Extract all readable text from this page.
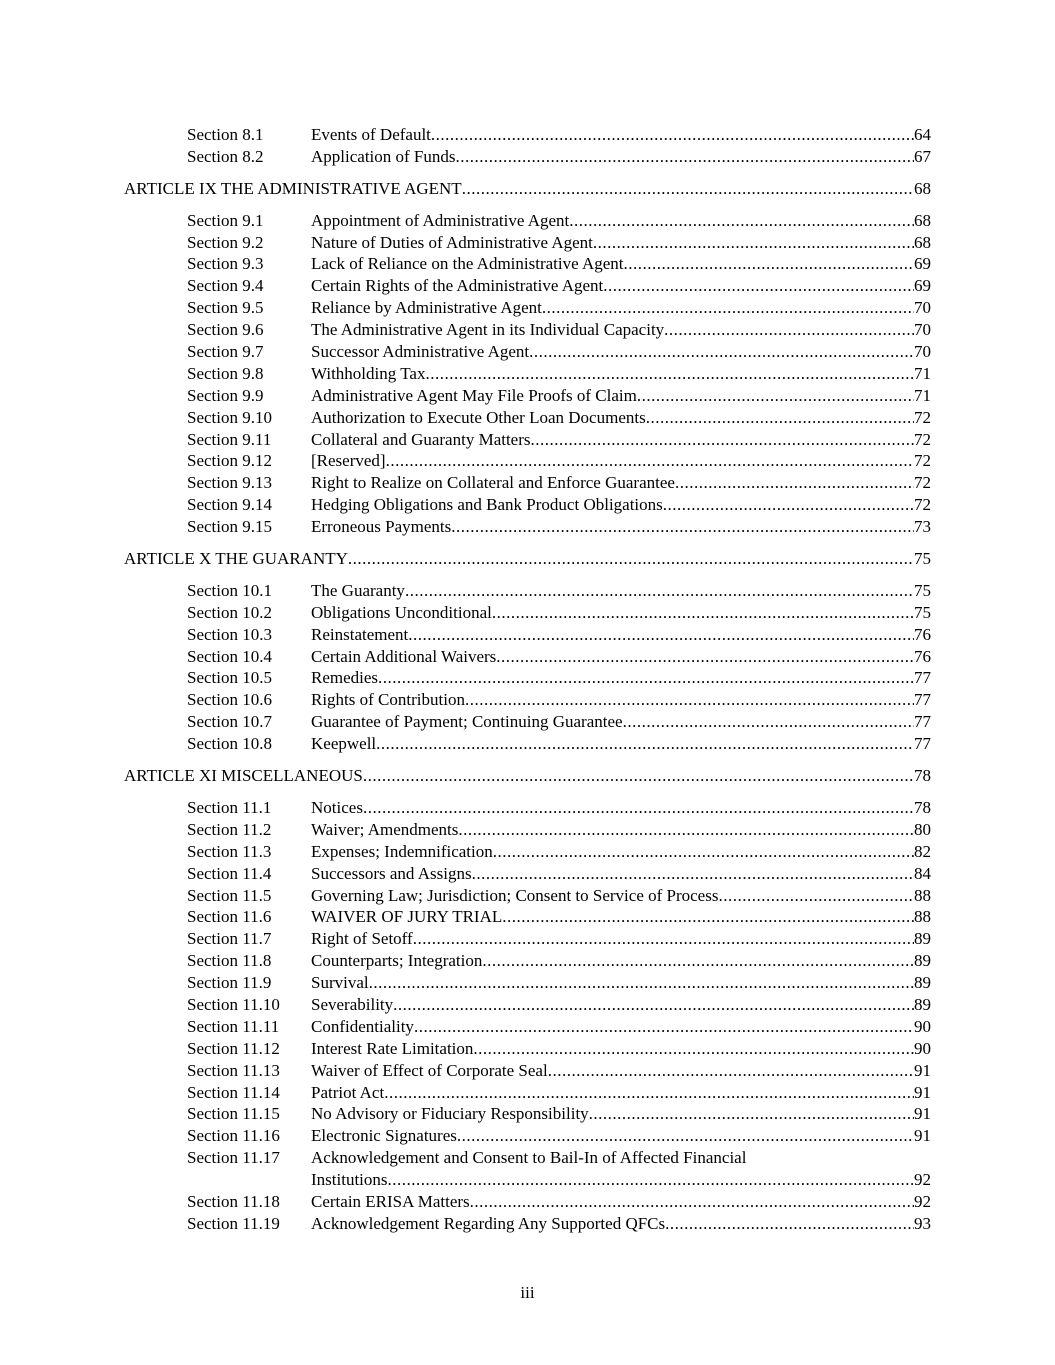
Section 8.1	Events of Default .....	64
Section 8.2	Application of Funds .....	67
ARTICLE IX THE ADMINISTRATIVE AGENT .....	68
Section 9.1	Appointment of Administrative Agent .....	68
Section 9.2	Nature of Duties of Administrative Agent .....	68
Section 9.3	Lack of Reliance on the Administrative Agent .....	69
Section 9.4	Certain Rights of the Administrative Agent .....	69
Section 9.5	Reliance by Administrative Agent .....	70
Section 9.6	The Administrative Agent in its Individual Capacity .....	70
Section 9.7	Successor Administrative Agent .....	70
Section 9.8	Withholding Tax .....	71
Section 9.9	Administrative Agent May File Proofs of Claim .....	71
Section 9.10 Authorization to Execute Other Loan Documents .....	72
Section 9.11 Collateral and Guaranty Matters .....	72
Section 9.12 [Reserved] .....	72
Section 9.13 Right to Realize on Collateral and Enforce Guarantee .....	72
Section 9.14 Hedging Obligations and Bank Product Obligations .....	72
Section 9.15 Erroneous Payments .....	73
ARTICLE X THE GUARANTY .....	75
Section 10.1 The Guaranty .....	75
Section 10.2 Obligations Unconditional .....	75
Section 10.3 Reinstatement .....	76
Section 10.4 Certain Additional Waivers .....	76
Section 10.5 Remedies .....	77
Section 10.6 Rights of Contribution .....	77
Section 10.7 Guarantee of Payment; Continuing Guarantee .....	77
Section 10.8 Keepwell .....	77
ARTICLE XI MISCELLANEOUS .....	78
Section 11.1 Notices .....	78
Section 11.2 Waiver; Amendments .....	80
Section 11.3 Expenses; Indemnification .....	82
Section 11.4 Successors and Assigns .....	84
Section 11.5 Governing Law; Jurisdiction; Consent to Service of Process .....	88
Section 11.6 WAIVER OF JURY TRIAL .....	88
Section 11.7 Right of Setoff .....	89
Section 11.8 Counterparts; Integration .....	89
Section 11.9 Survival .....	89
Section 11.10 Severability .....	89
Section 11.11 Confidentiality .....	90
Section 11.12 Interest Rate Limitation .....	90
Section 11.13 Waiver of Effect of Corporate Seal .....	91
Section 11.14 Patriot Act .....	91
Section 11.15 No Advisory or Fiduciary Responsibility .....	91
Section 11.16 Electronic Signatures .....	91
Section 11.17 Acknowledgement and Consent to Bail-In of Affected Financial
Institutions .....	92
Section 11.18 Certain ERISA Matters .....	92
Section 11.19 Acknowledgement Regarding Any Supported QFCs .....	93
iii
